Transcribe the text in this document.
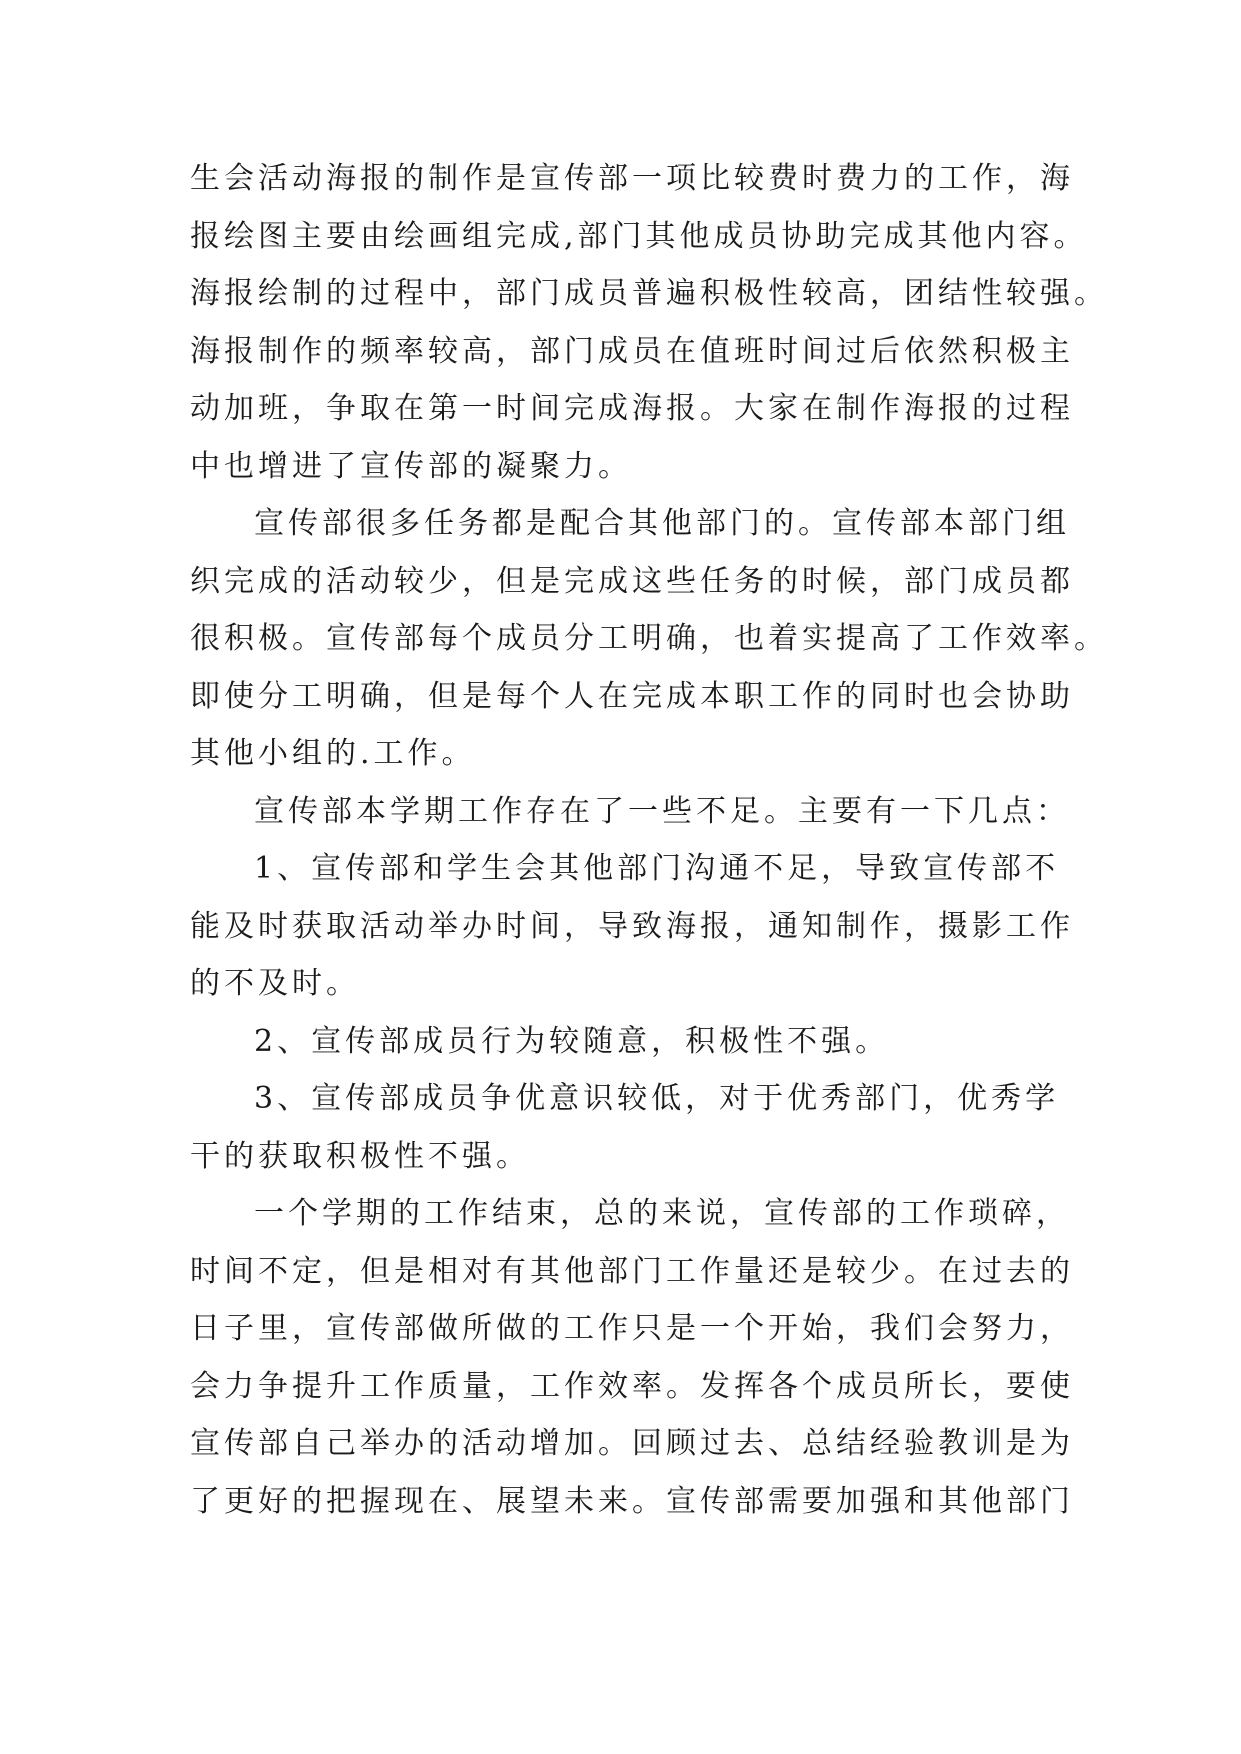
生会活动海报的制作是宣传部一项比较费时费力的工作，海
报绘图主要由绘画组完成,部门其他成员协助完成其他内容。
海报绘制的过程中，部门成员普遍积极性较高，团结性较强。
海报制作的频率较高，部门成员在值班时间过后依然积极主
动加班，争取在第一时间完成海报。大家在制作海报的过程
中也增进了宣传部的凝聚力。
宣传部很多任务都是配合其他部门的。宣传部本部门组
织完成的活动较少，但是完成这些任务的时候，部门成员都
很积极。宣传部每个成员分工明确，也着实提高了工作效率。
即使分工明确，但是每个人在完成本职工作的同时也会协助
其他小组的.工作。
宣传部本学期工作存在了一些不足。主要有一下几点：
1、宣传部和学生会其他部门沟通不足，导致宣传部不
能及时获取活动举办时间，导致海报，通知制作，摄影工作
的不及时。
2、宣传部成员行为较随意，积极性不强。
3、宣传部成员争优意识较低，对于优秀部门，优秀学
干的获取积极性不强。
一个学期的工作结束，总的来说，宣传部的工作琐碎，
时间不定，但是相对有其他部门工作量还是较少。在过去的
日子里，宣传部做所做的工作只是一个开始，我们会努力，
会力争提升工作质量，工作效率。发挥各个成员所长，要使
宣传部自己举办的活动增加。回顾过去、总结经验教训是为
了更好的把握现在、展望未来。宣传部需要加强和其他部门
